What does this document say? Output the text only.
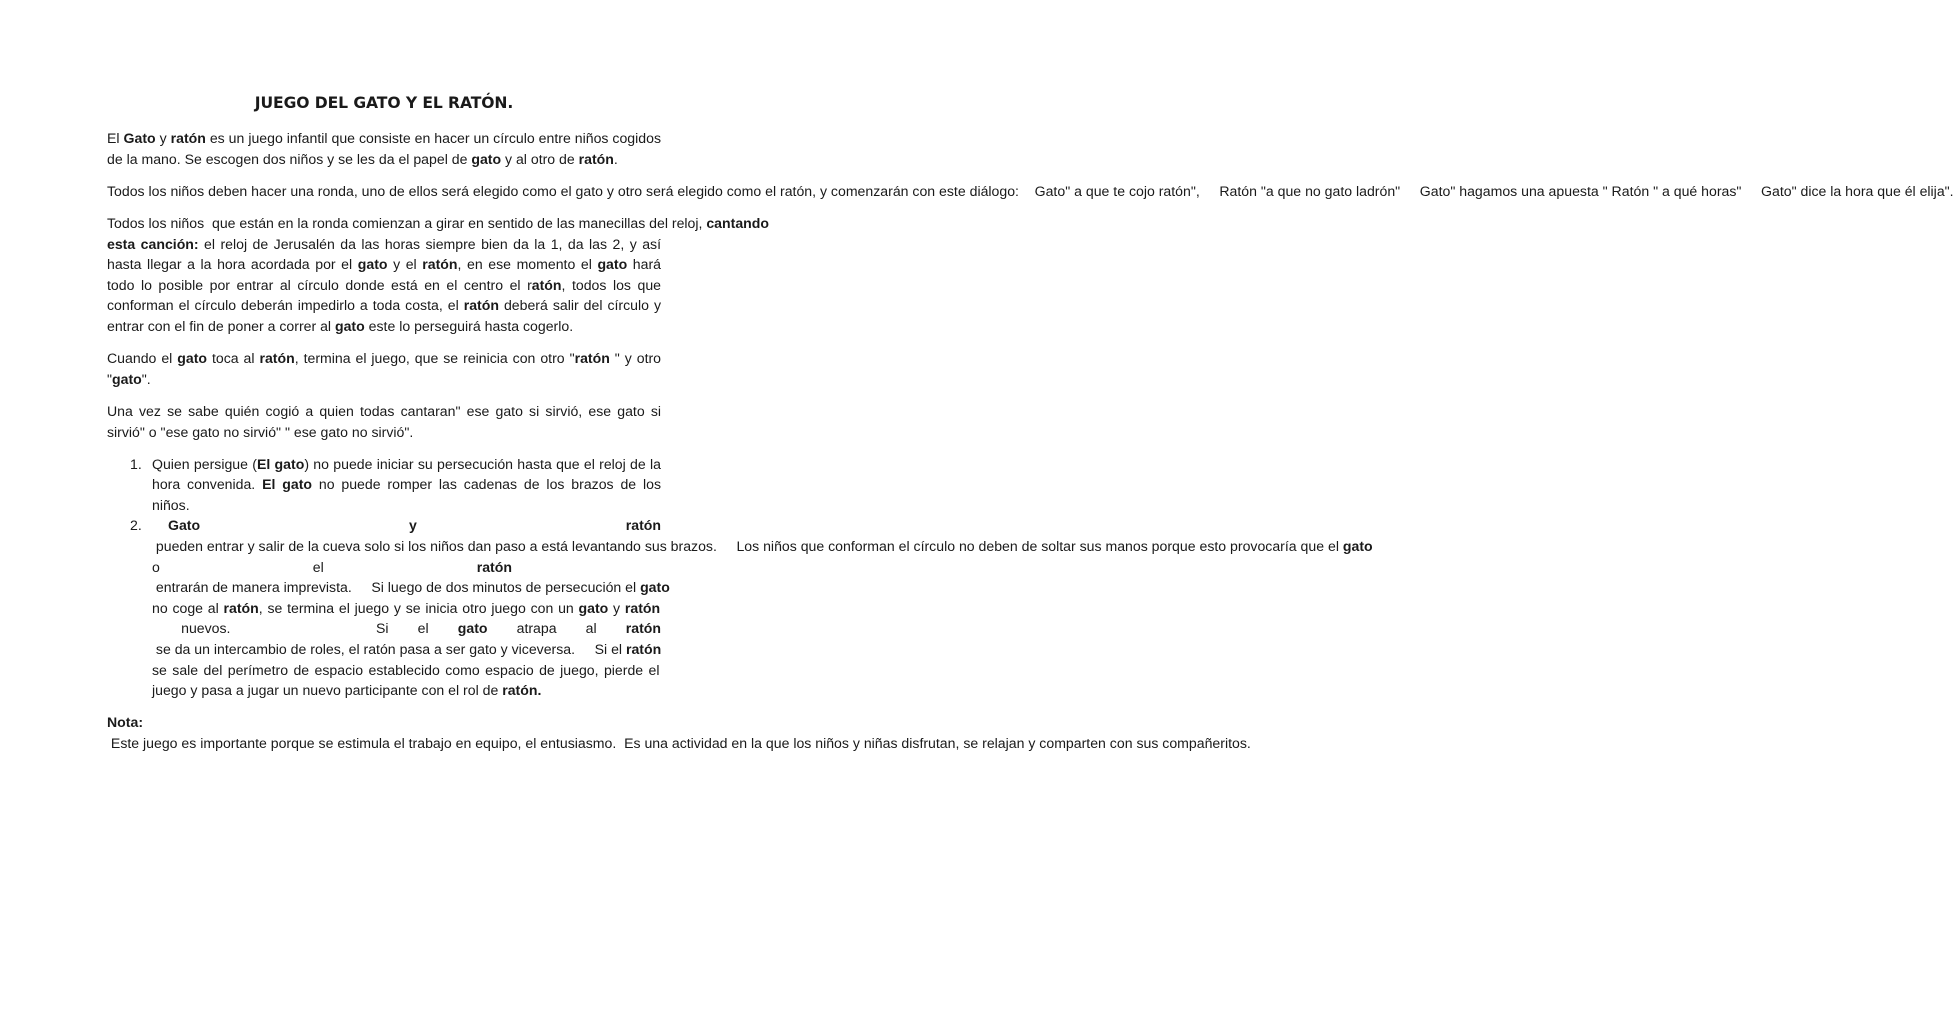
JUEGO DEL GATO Y EL RATÓN.

El Gato y ratón es un juego infantil que consiste en hacer un círculo entre niños cogidos de la mano. Se escogen dos niños y se les da el papel de gato y al otro de ratón.

Todos los niños deben hacer una ronda, uno de ellos será elegido como el gato y otro será elegido como el ratón, y comenzarán con este diálogo:    Gato" a que te cojo ratón",     Ratón "a que no gato ladrón"     Gato" hagamos una apuesta " Ratón " a qué horas"     Gato" dice la hora que él elija".

Todos los niños  que están en la ronda comienzan a girar en sentido de las manecillas del reloj, cantando esta canción: el reloj de Jerusalén da las horas siempre bien da la 1, da las 2, y así hasta llegar a la hora acordada por el gato y el ratón, en ese momento el gato hará todo lo posible por entrar al círculo donde está en el centro el ratón, todos los que conforman el círculo deberán impedirlo a toda costa, el ratón deberá salir del círculo y entrar con el fin de poner a correr al gato este lo perseguirá hasta cogerlo.

Cuando el gato toca al ratón, termina el juego, que se reinicia con otro "ratón " y otro "gato".

Una vez se sabe quién cogió a quien todas cantaran" ese gato si sirvió, ese gato si sirvió" o "ese gato no sirvió" " ese gato no sirvió".

1. Quien persigue (El gato) no puede iniciar su persecución hasta que el reloj de la hora convenida. El gato no puede romper las cadenas de los brazos de los niños.
2.	Gato y ratón pueden entrar y salir de la cueva solo si los niños dan paso a está levantando sus brazos.     Los niños que conforman el círculo no deben de soltar sus manos porque esto provocaría que el gato o el ratón entrarán de manera imprevista.     Si luego de dos minutos de persecución el gato no coge al ratón, se termina el juego y se inicia otro juego con un gato y ratón nuevos.     Si el gato atrapa al ratón se da un intercambio de roles, el ratón pasa a ser gato y viceversa.     Si el ratón se sale del perímetro de espacio establecido como espacio de juego, pierde el juego y pasa a jugar un nuevo participante con el rol de ratón.

Nota: Este juego es importante porque se estimula el trabajo en equipo, el entusiasmo.  Es una actividad en la que los niños y niñas disfrutan, se relajan y comparten con sus compañeritos.
